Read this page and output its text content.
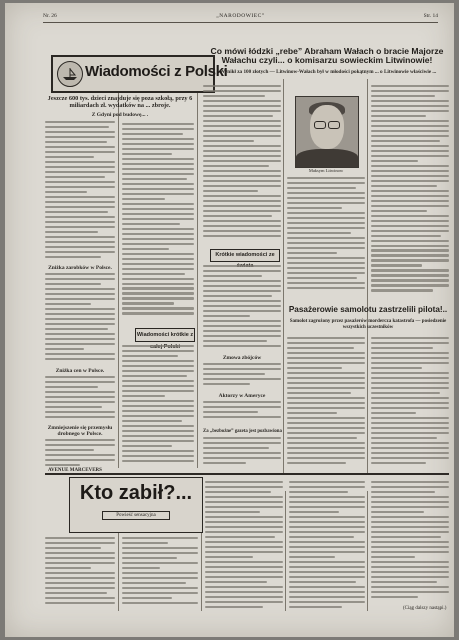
Nr. 26	„NARODOWIEC”	Str. 14
Wiadomości z Polski
Jeszcze 600 tys. dzieci znajduje się poza szkołą, przy 6 miliardach zł. wydatków na ... zbroje.
Z Gdyni pod budowę... .
Zniżka zarobków w Polsce.
Zniżka cen w Polsce.
Zmniejszenie się przemysłu drobnego w Polsce.
Wiadomości krótkie z
Co mówi łódzki „rebe” Abraham Wałach o bracie Majorze Wałachu czyli... o komisarzu sowieckim Litwinowie!
Wynikł za 100 złotych — Litwinow-Wałach był w młodości pokątnym ... o Litwinowie właściwie ...
Krótkie wiadomości ze
Zmowa zbójców
Aktorzy w Ameryce
Za „bezbożne” gazeta jest pozbawiona
Maksym Litwinow
Pasażerowie samolotu zastrzelili pilota!..
Samolot zagrożony przez pasażerów mordercza katastrofa — posiedzenie wszystkich uczestników
AVENUE MARCEVERS
Kto zabił?...
Powieść sensacyjna
(Ciąg dalszy nastąpi.)
